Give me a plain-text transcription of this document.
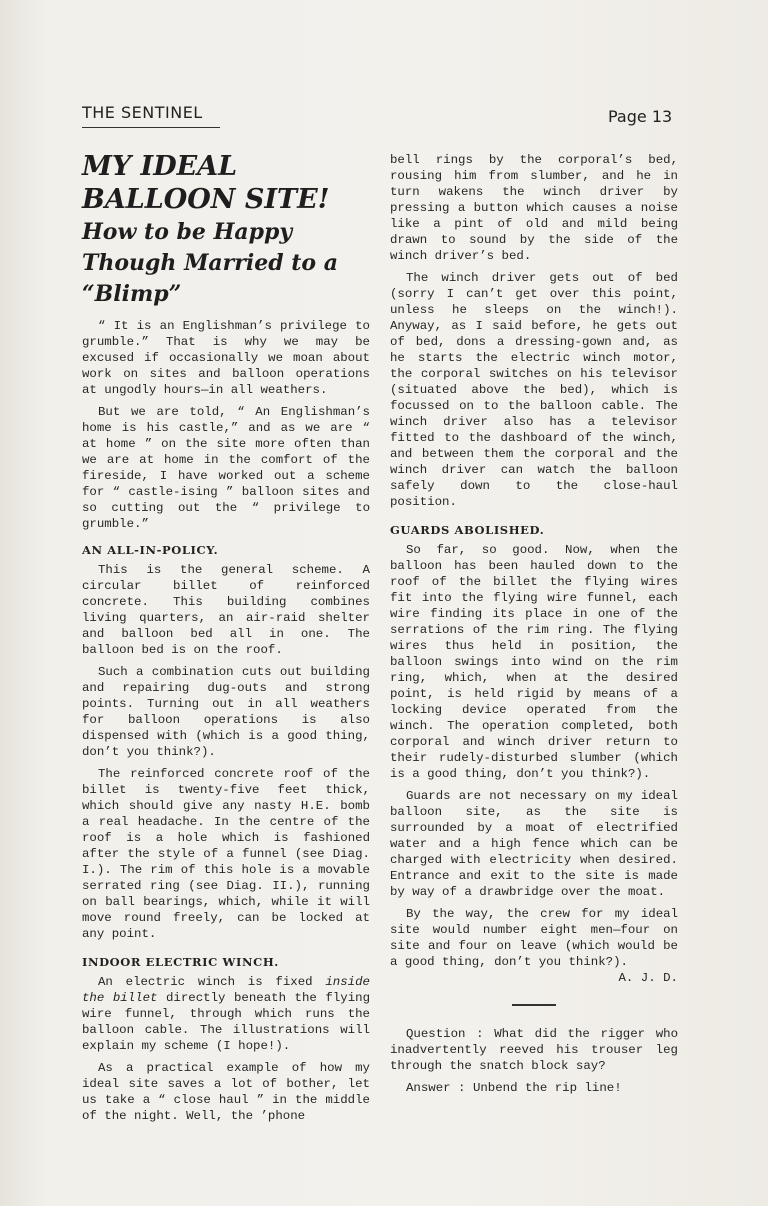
THE SENTINEL	Page 13
MY IDEAL BALLOON SITE!
How to be Happy Though Married to a “Blimp”

“ It is an Englishman’s privilege to grumble.” That is why we may be excused if occasionally we moan about work on sites and balloon operations at ungodly hours—in all weathers.

But we are told, “ An Englishman’s home is his castle,” and as we are “ at home ” on the site more often than we are at home in the comfort of the fireside, I have worked out a scheme for “ castle-ising ” balloon sites and so cutting out the “ privilege to grumble.”

AN ALL-IN-POLICY.

This is the general scheme. A circular billet of reinforced concrete. This building combines living quarters, an air-raid shelter and balloon bed all in one. The balloon bed is on the roof.

Such a combination cuts out building and repairing dug-outs and strong points. Turning out in all weathers for balloon operations is also dispensed with (which is a good thing, don’t you think?).

The reinforced concrete roof of the billet is twenty-five feet thick, which should give any nasty H.E. bomb a real headache. In the centre of the roof is a hole which is fashioned after the style of a funnel (see Diag. I.). The rim of this hole is a movable serrated ring (see Diag. II.), running on ball bearings, which, while it will move round freely, can be locked at any point.

INDOOR ELECTRIC WINCH.

An electric winch is fixed inside the billet directly beneath the flying wire funnel, through which runs the balloon cable. The illustrations will explain my scheme (I hope!).

As a practical example of how my ideal site saves a lot of bother, let us take a “ close haul ” in the middle of the night. Well, the ’phone

bell rings by the corporal’s bed, rousing him from slumber, and he in turn wakens the winch driver by pressing a button which causes a noise like a pint of old and mild being drawn to sound by the side of the winch driver’s bed.

The winch driver gets out of bed (sorry I can’t get over this point, unless he sleeps on the winch!). Anyway, as I said before, he gets out of bed, dons a dressing-gown and, as he starts the electric winch motor, the corporal switches on his televisor (situated above the bed), which is focussed on to the balloon cable. The winch driver also has a televisor fitted to the dashboard of the winch, and between them the corporal and the winch driver can watch the balloon safely down to the close-haul position.

GUARDS ABOLISHED.

So far, so good. Now, when the balloon has been hauled down to the roof of the billet the flying wires fit into the flying wire funnel, each wire finding its place in one of the serrations of the rim ring. The flying wires thus held in position, the balloon swings into wind on the rim ring, which, when at the desired point, is held rigid by means of a locking device operated from the winch. The operation completed, both corporal and winch driver return to their rudely-disturbed slumber (which is a good thing, don’t you think?).

Guards are not necessary on my ideal balloon site, as the site is surrounded by a moat of electrified water and a high fence which can be charged with electricity when desired. Entrance and exit to the site is made by way of a drawbridge over the moat.

By the way, the crew for my ideal site would number eight men—four on site and four on leave (which would be a good thing, don’t you think?).

A. J. D.

Question : What did the rigger who inadvertently reeved his trouser leg through the snatch block say?

Answer : Unbend the rip line!
